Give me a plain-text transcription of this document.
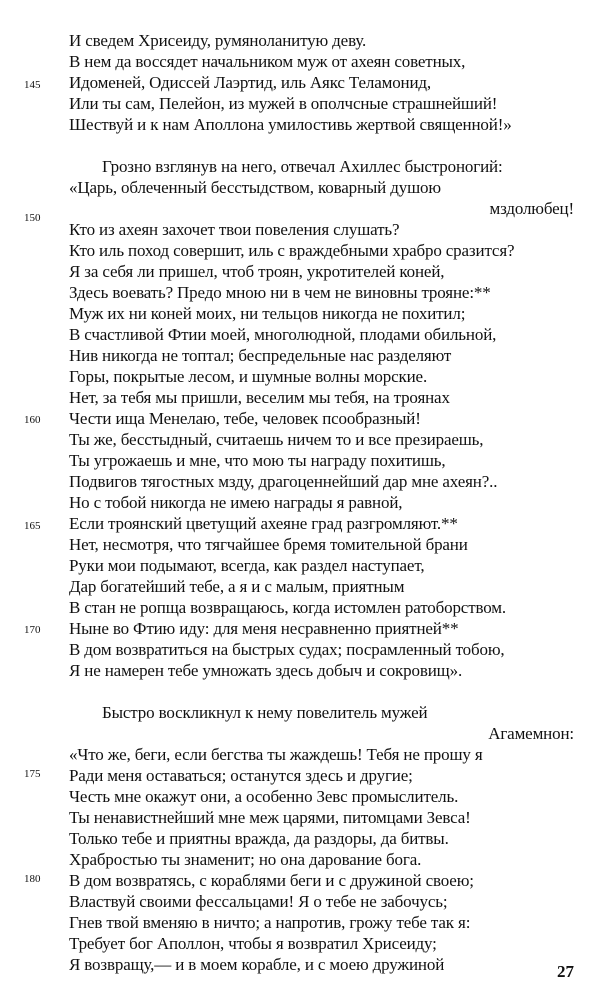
145
150
160
165
170
175
180
И сведем Хрисеиду, румяноланитую деву.
В нем да воссядет начальником муж от ахеян советных,
Идоменей, Одиссей Лаэртид, иль Аякс Теламонид,
Или ты сам, Пелейон, из мужей в ополчсные страшнейший!
Шествуй и к нам Аполлона умилостивь жертвой священной!»
Грозно взглянув на него, отвечал Ахиллес быстроногий:
«Царь, облеченный бесстыдством, коварный душою
мздолюбец!
Кто из ахеян захочет твои повеления слушать?
Кто иль поход совершит, иль с враждебными храбро сразится?
Я за себя ли пришел, чтоб троян, укротителей коней,
Здесь воевать? Предо мною ни в чем не виновны трояне:**
Муж их ни коней моих, ни тельцов никогда не похитил;
В счастливой Фтии моей, многолюдной, плодами обильной,
Нив никогда не топтал; беспредельные нас разделяют
Горы, покрытые лесом, и шумные волны морские.
Нет, за тебя мы пришли, веселим мы тебя, на троянах
Чести ища Менелаю, тебе, человек псообразный!
Ты же, бесстыдный, считаешь ничем то и все презираешь,
Ты угрожаешь и мне, что мою ты награду похитишь,
Подвигов тягостных мзду, драгоценнейший дар мне ахеян?..
Но с тобой никогда не имею награды я равной,
Если троянский цветущий ахеяне град разгромляют.**
Нет, несмотря, что тягчайшее бремя томительной брани
Руки мои подымают, всегда, как раздел наступает,
Дар богатейший тебе, а я и с малым, приятным
В стан не ропща возвращаюсь, когда истомлен ратоборством.
Ныне во Фтию иду: для меня несравненно приятней**
В дом возвратиться на быстрых судах; посрамленный тобою,
Я не намерен тебе умножать здесь добыч и сокровищ».
Быстро воскликнул к нему повелитель мужей
Агамемнон:
«Что же, беги, если бегства ты жаждешь! Тебя не прошу я
Ради меня оставаться; останутся здесь и другие;
Честь мне окажут они, а особенно Зевс промыслитель.
Ты ненавистнейший мне меж царями, питомцами Зевса!
Только тебе и приятны вражда, да раздоры, да битвы.
Храбростью ты знаменит; но она дарование бога.
В дом возвратясь, с кораблями беги и с дружиной своею;
Властвуй своими фессальцами! Я о тебе не забочусь;
Гнев твой вменяю в ничто; а напротив, грожу тебе так я:
Требует бог Аполлон, чтобы я возвратил Хрисеиду;
Я возвращу,— и в моем корабле, и с моею дружиной	27
